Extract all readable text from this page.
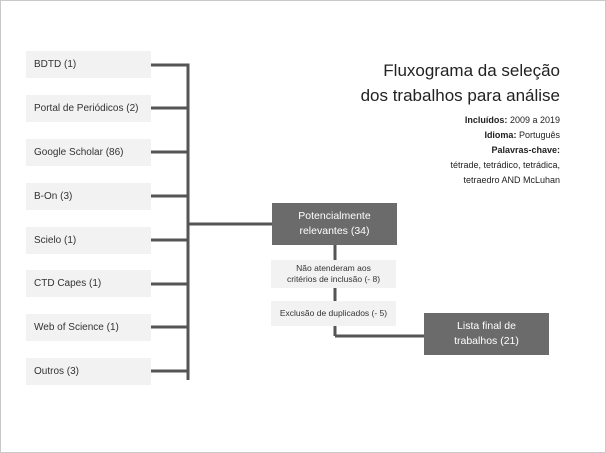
BDTD (1)
Portal de Periódicos (2)
Google Scholar (86)
B-On (3)
Scielo (1)
CTD Capes (1)
Web of Science (1)
Outros (3)
Potencialmente
relevantes (34)
Não atenderam aos
critérios de inclusão (- 8)
Exclusão de duplicados (- 5)
Lista final de
trabalhos (21)
Fluxograma da seleção
dos trabalhos para análise
Incluídos: 2009 a 2019
Idioma: Português
Palavras-chave:
tétrade, tetrádico, tetrádica,
tetraedro AND McLuhan
